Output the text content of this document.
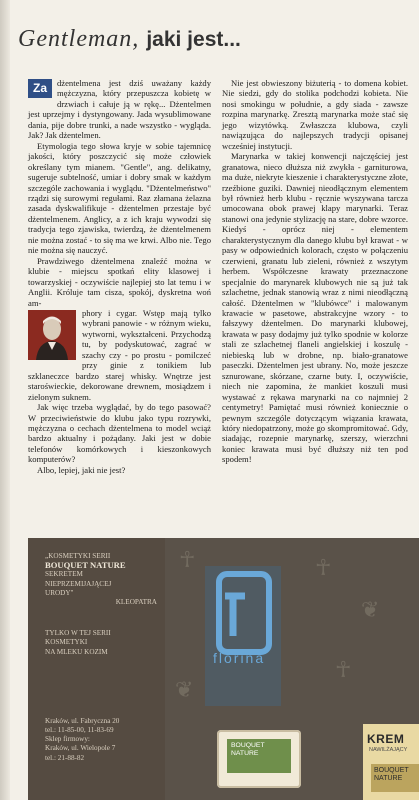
Gentleman, jaki jest...

Za	dżentelmena jest dziś uważany każdy mężczyzna, który przepuszcza kobietę w drzwiach i całuje ją w rękę... Dżentelmen jest uprzejmy i dystyngowany. Jada wysublimowane dania, pije dobre trunki, a nade wszystko - wygląda. Jak? Jak dżentelmen.

Etymologia tego słowa kryje w sobie tajemnicę jakości, który poszczycić się może człowiek określany tym mianem. "Gentle", ang. delikatny, sugeruje subtelność, umiar i dobry smak w każdym szczególe zachowania i wyglądu. "Dżentelmeństwo" rządzi się surowymi regułami. Raz złamana żelazna zasada dyskwalifikuje - dżentelmen przestaje być dżentelmenem. Anglicy, a z ich kraju wywodzi się tradycja tego zjawiska, twierdzą, że dżentelmenem nie można zostać - to się ma we krwi. Albo nie. Tego nie można się nauczyć.

Prawdziwego dżentelmena znaleźć można w klubie - miejscu spotkań elity klasowej i towarzyskiej - oczywiście najlepiej sto lat temu i w Anglii. Króluje tam cisza, spokój, dyskretna woń am-

phory i cygar. Wstęp mają tylko wybrani panowie - w różnym wieku, wytworni, wykształceni. Przychodzą tu, by podyskutować, zagrać w szachy czy - po prostu - pomilczeć przy ginie z tonikiem lub szklaneczce bardzo starej whisky. Wnętrze jest staroświeckie, dekorowane drewnem, mosiądzem i zielonym suknem.

Jak więc trzeba wyglądać, by do tego pasować? W przeciwieństwie do klubu jako typu rozrywki, mężczyzna o cechach dżentelmena to model wciąż bardzo aktualny i pożądany. Jaki jest w dobie telefonów komórkowych i kieszonkowych komputerów?

Albo, lepiej, jaki nie jest?

Nie jest obwieszony biżuterią - to domena kobiet. Nie siedzi, gdy do stolika podchodzi kobieta. Nie nosi smokingu w południe, a gdy siada - zawsze rozpina marynarkę. Zresztą marynarka może stać się jego wizytówką. Zwłaszcza klubowa, czyli nawiązująca do najlepszych tradycji opisanej wcześniej instytucji.

Marynarka w takiej konwencji najczęściej jest granatowa, nieco dłuższa niż zwykła - garniturowa, ma duże, niekryte kieszenie i charakterystyczne złote, rzeźbione guziki. Dawniej nieodłącznym elementem był również herb klubu - ręcznie wyszywana tarcza umocowana obok prawej klapy marynarki. Teraz stanowi ona jedynie stylizację na stare, dobre wzorce. Kiedyś - oprócz niej - elementem charakterystycznym dla danego klubu był krawat - w pasy w odpowiednich kolorach, często w połączeniu czerwieni, granatu lub zieleni, również z wszytym herbem. Współczesne krawaty przeznaczone specjalnie do marynarek klubowych nie są już tak szlachetne, jednak stanowią wraz z nimi nieodłączną całość. Dżentelmen w "klubówce" i malowanym krawacie w pasetowe, abstrakcyjne wzory - to fałszywy dżentelmen. Do marynarki klubowej, krawata w pasy dodajmy już tylko spodnie w kolorze stali ze szlachetnej flaneli angielskiej i koszulę - niebieską lub w drobne, np. biało-granatowe paseczki. Dżentelmen jest ubrany. No, może jeszcze sznurowane, skórzane, czarne buty. I, oczywiście, niech nie zapomina, że mankiet koszuli musi wystawać z rękawa marynarki na co najmniej 2 centymetry! Pamiętać musi również koniecznie o pewnym szczególe dotyczącym wiązania krawata, który niedopatrzony, może go skompromitować. Gdy, siadając, rozepnie marynarkę, szerszy, wierzchni koniec krawata musi być dłuższy niż ten pod spodem!

„KOSMETYKI SERII
BOUQUET NATURE
SEKRETEM
NIEPRZEMIJAJĄCEJ
URODY"
KLEOPATRA
TYLKO W TEJ SERII
KOSMETYKI
NA MLEKU KOZIM
Kraków, ul. Fabryczna 20
tel.: 11-85-00, 11-83-69
Sklep firmowy:
Kraków, ul. Wielopole 7
tel.: 21-88-82
☥	☥
❦
☥
❦
florina
BOUQUET NATURE
KREM
NAWILŻAJĄCY
BOUQUET NATURE
